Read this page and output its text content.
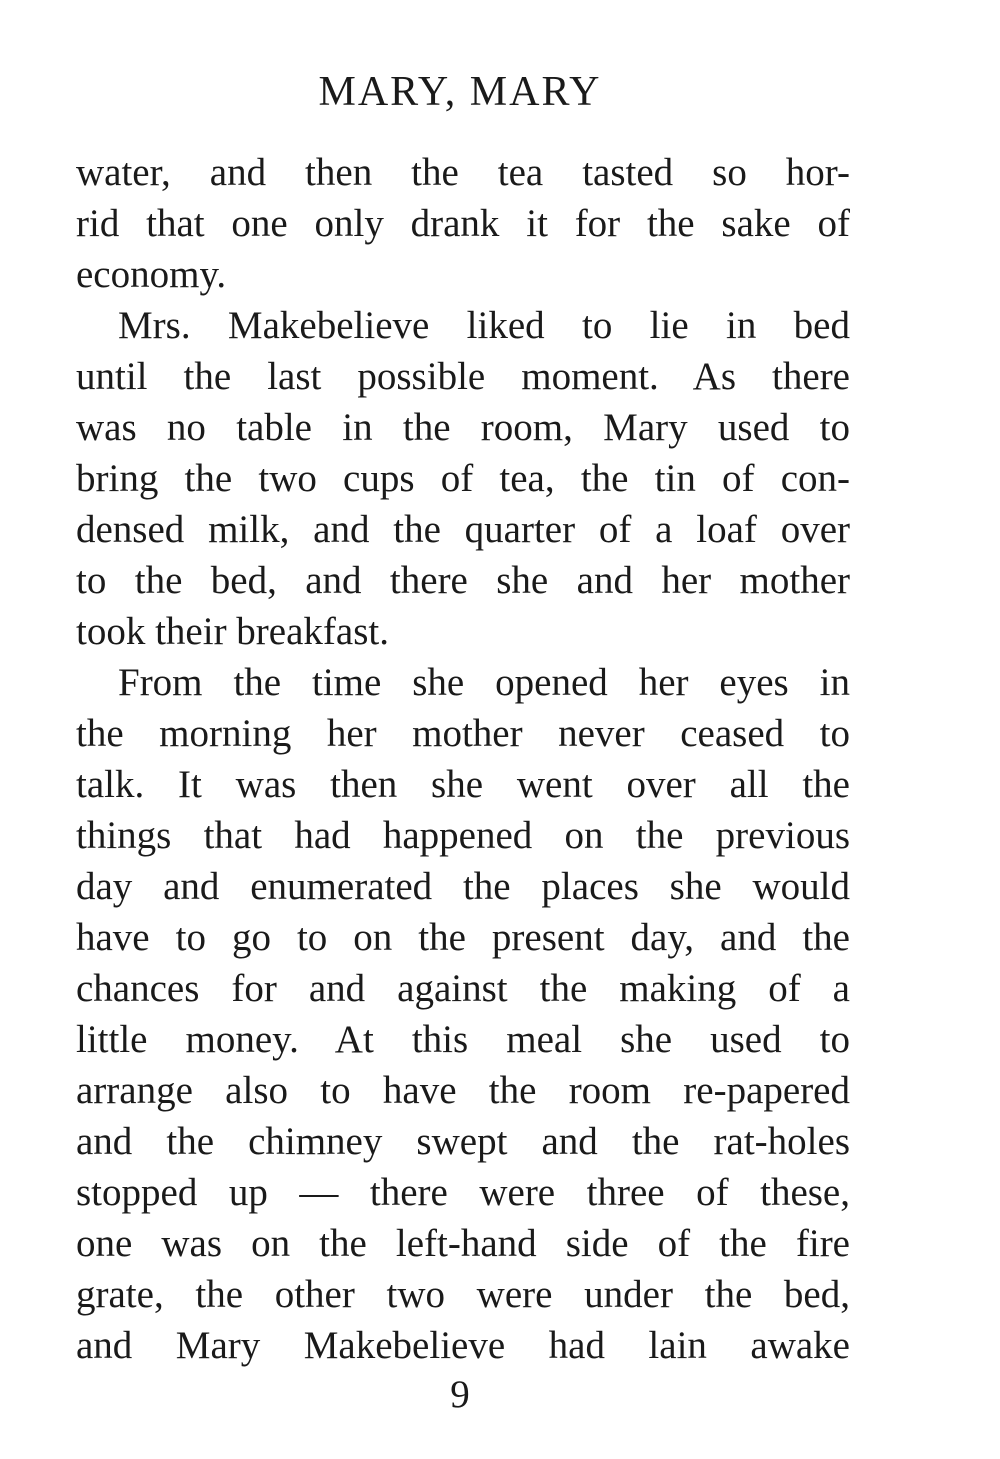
MARY, MARY
water, and then the tea tasted so hor-
rid that one only drank it for the sake of
economy.
Mrs. Makebelieve liked to lie in bed
until the last possible moment. As there
was no table in the room, Mary used to
bring the two cups of tea, the tin of con-
densed milk, and the quarter of a loaf over
to the bed, and there she and her mother
took their breakfast.
From the time she opened her eyes in
the morning her mother never ceased to
talk. It was then she went over all the
things that had happened on the previous
day and enumerated the places she would
have to go to on the present day, and the
chances for and against the making of a
little money. At this meal she used to
arrange also to have the room re-papered
and the chimney swept and the rat-holes
stopped up — there were three of these,
one was on the left-hand side of the fire
grate, the other two were under the bed,
and Mary Makebelieve had lain awake
9
